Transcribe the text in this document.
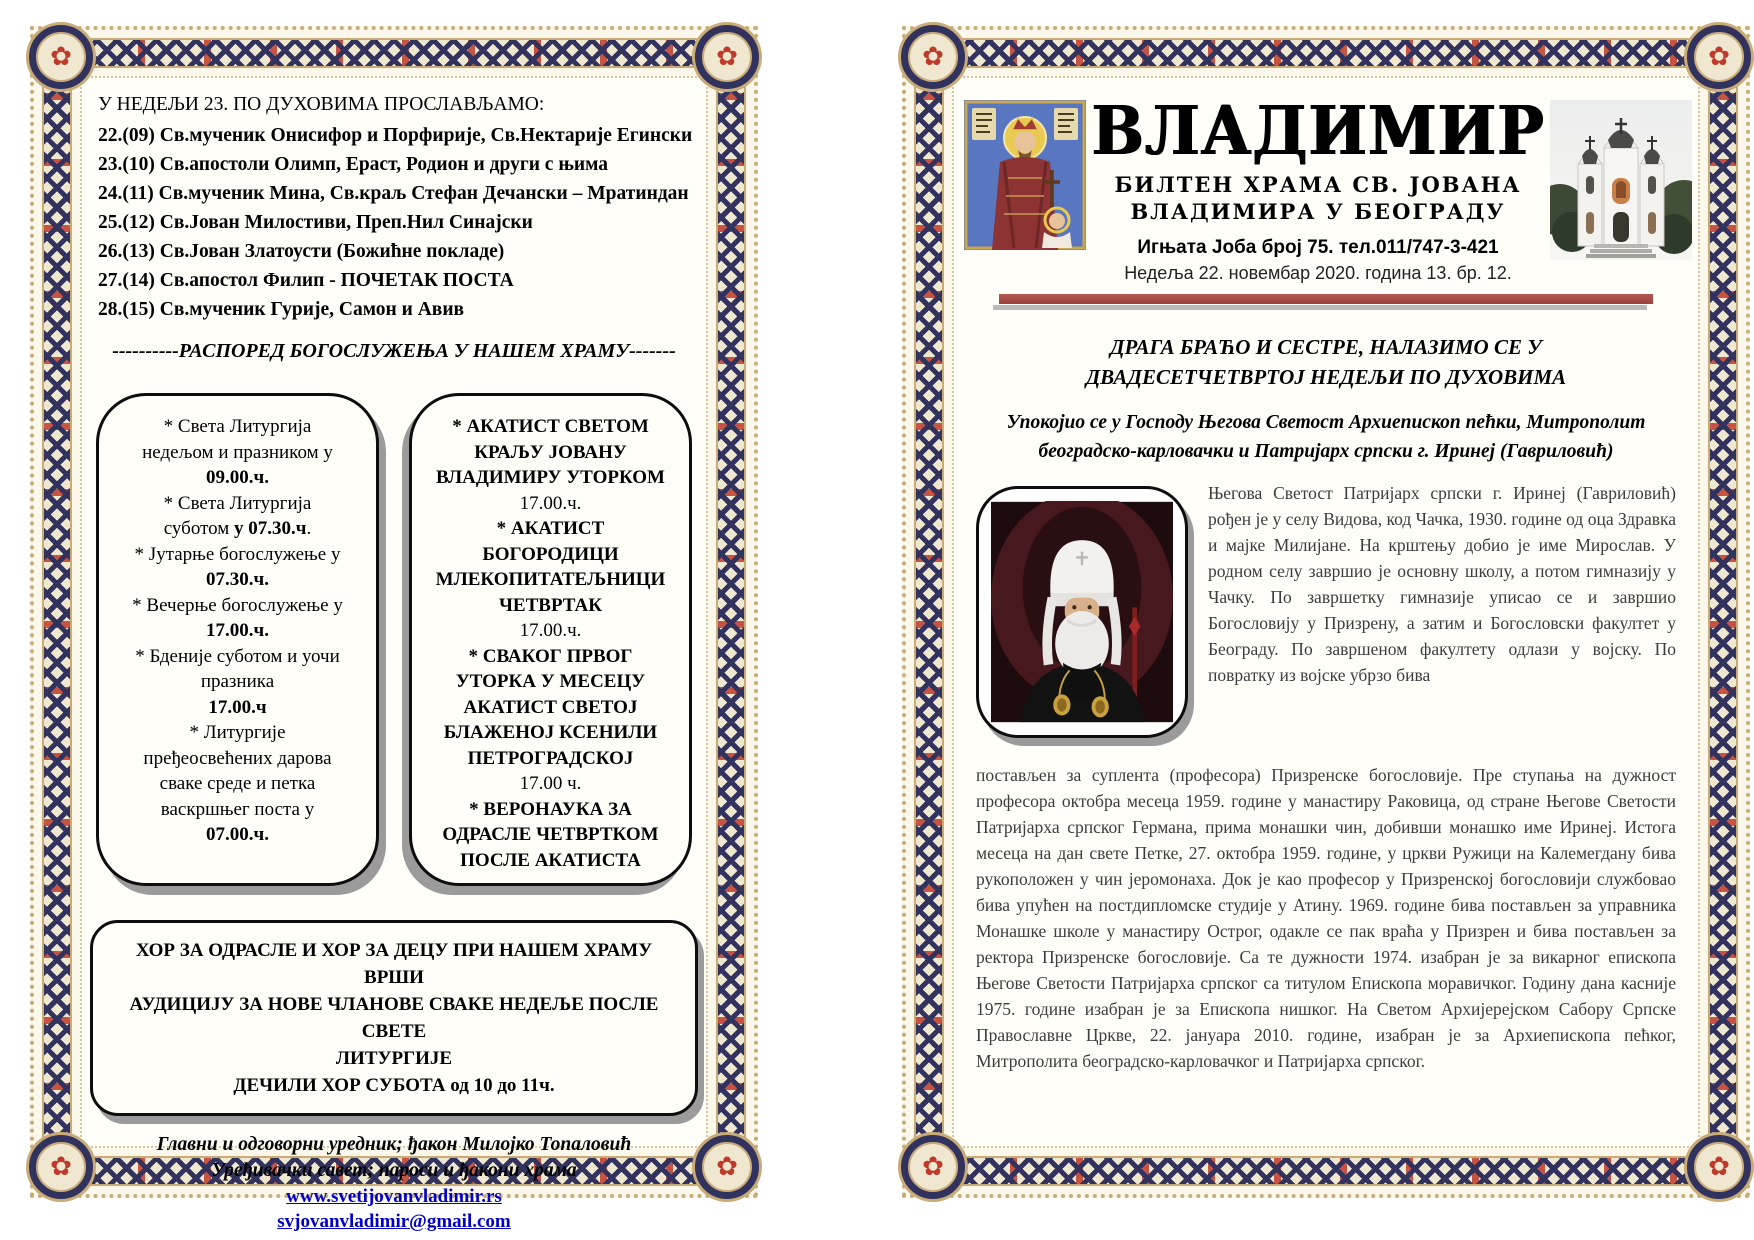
✿
✿
✿
✿
У НЕДЕЉИ 23. ПО ДУХОВИМА ПРОСЛАВЉАМО:
22.(09) Св.мученик Онисифор и Порфирије, Св.Нектарије Егински
23.(10) Св.апостоли Олимп, Ераст, Родион и други с њима
24.(11) Св.мученик Мина, Св.краљ Стефан Дечански – Мратиндан
25.(12) Св.Јован Милостиви, Преп.Нил Синајски
26.(13) Св.Јован Златоусти (Божићне покладе)
27.(14) Св.апостол Филип - ПОЧЕТАК ПОСТА
28.(15) Св.мученик Гурије, Самон и Авив
----------РАСПОРЕД БОГОСЛУЖЕЊА У НАШЕМ ХРАМУ-------
* Света Литургија
недељом и празником у
09.00.ч.
* Света Литургија
суботом у 07.30.ч.
* Јутарње богослужење у
07.30.ч.
* Вечерње богослужење у
17.00.ч.
* Бденије суботом и уочи
празника
17.00.ч
* Литургије
пређеосвећених дарова
сваке среде и петка
васкршњег поста у
07.00.ч.
* АКАТИСТ СВЕТОМ
КРАЉУ ЈОВАНУ
ВЛАДИМИРУ УТОРКОМ
17.00.ч.
* АКАТИСТ
БОГОРОДИЦИ
МЛЕКОПИТАТЕЉНИЦИ
ЧЕТВРТАК
17.00.ч.
* СВАКОГ ПРВОГ
УТОРКА У МЕСЕЦУ
АКАТИСТ СВЕТОЈ
БЛАЖЕНОЈ КСЕНИЛИ
ПЕТРОГРАДСКОЈ
17.00 ч.
* ВЕРОНАУКА ЗА
ОДРАСЛЕ ЧЕТВРТКОМ
ПОСЛЕ АКАТИСТА
ХОР ЗА ОДРАСЛЕ И ХОР ЗА ДЕЦУ ПРИ НАШЕМ ХРАМУ ВРШИ
АУДИЦИЈУ ЗА НОВЕ ЧЛАНОВЕ СВАКЕ НЕДЕЉЕ ПОСЛЕ СВЕТЕ
ЛИТУРГИЈЕ
ДЕЧИЛИ ХОР СУБОТА од 10 до 11ч.
Главни и одговорни уредник; ђакон Милојко Топаловић
Уређивачки савет; пароси и ђакони храма
www.svetijovanvladimir.rs
svjovanvladimir@gmail.com
✿
✿
✿
✿
ВЛАДИМИР
БИЛТЕН ХРАМА СВ. ЈОВАНА
ВЛАДИМИРА У БЕОГРАДУ
Игњата Јоба број 75. тел.011/747-3-421
Недеља 22. новембар 2020. година 13. бр. 12.
ДРАГА БРАЋО И СЕСТРЕ, НАЛАЗИМО СЕ У
ДВАДЕСЕТЧЕТВРТОЈ НЕДЕЉИ ПО ДУХОВИМА
Упокојио се у Господу Његова Светост Архиепископ пећки, Митрополит београдско-карловачки и Патријарх српски г. Иринеј (Гавриловић)

Његова Светост Патријарх српски г. Иринеј (Гавриловић) рођен је у селу Видова, код Чачка, 1930. године од оца Здравка и мајке Милијане. На крштењу добио је име Мирослав. У родном селу завршио је основну школу, а потом гимназију у Чачку. По завршетку гимназије уписао се и завршио Богословију у Призрену, а затим и Богословски факултет у Београду. По завршеном факултету одлази у војску. По повратку из војске убрзо бива

постављен за суплента (професора) Призренске богословије. Пре ступања на дужност професора октобра месеца 1959. године у манастиру Раковица, од стране Његове Светости Патријарха српског Германа, прима монашки чин, добивши монашко име Иринеј. Истога месеца на дан свете Петке, 27. октобра 1959. године, у цркви Ружици на Калемегдану бива рукоположен у чин јеромонаха. Док је као професор у Призренској богословији службовао бива упућен на постдипломске студије у Атину. 1969. године бива постављен за управника Монашке школе у манастиру Острог, одакле се пак враћа у Призрен и бива постављен за ректора Призренске богословије. Са те дужности 1974. изабран је за викарног епископа Његове Светости Патријарха српског са титулом Епископа моравичког. Годину дана касније 1975. године изабран је за Епископа нишког. На Светом Архијерејском Сабору Српске Православне Цркве, 22. јануара 2010. године, изабран је за Архиепископа пећког, Митрополита београдско-карловачког и Патријарха српског.
